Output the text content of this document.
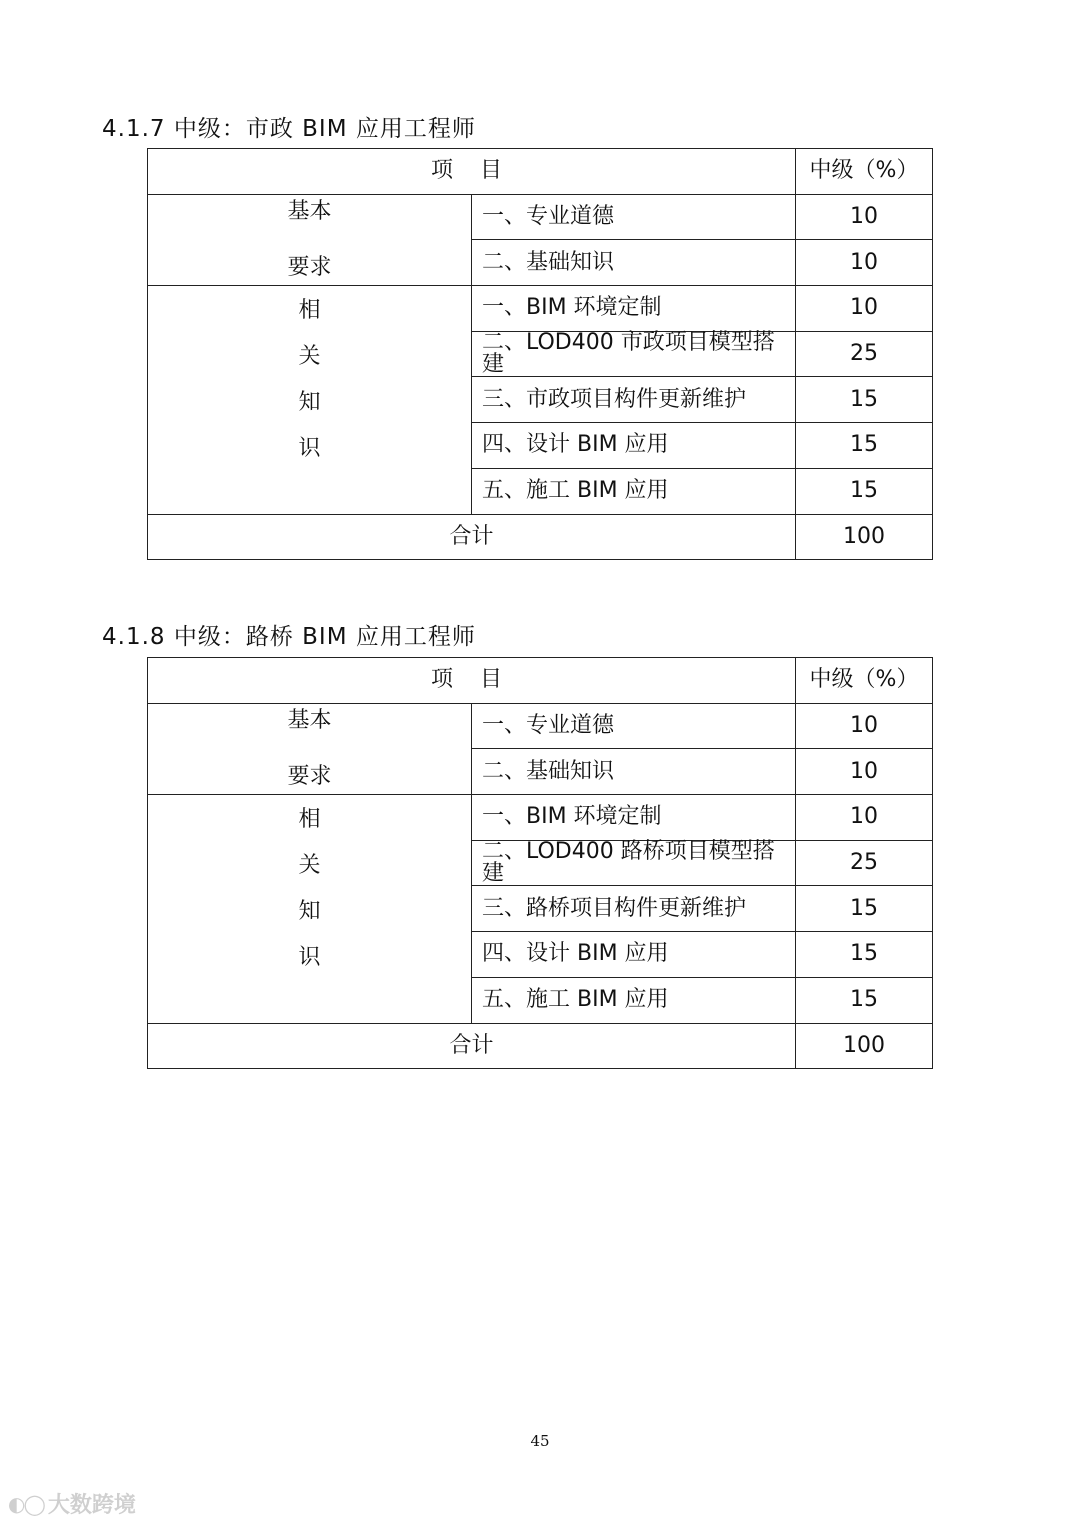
4.1.7 中级：市政 BIM 应用工程师
项 目		中级（%）

基本
要求	一、专业道德	10
	二、基础知识	10

相
关
知
识	一、BIM 环境定制	10
	二、LOD400 市政项目模型搭建	25
	三、市政项目构件更新维护	15
	四、设计 BIM 应用	15
	五、施工 BIM 应用	15
合计		100
4.1.8 中级：路桥 BIM 应用工程师
项 目		中级（%）

基本
要求	一、专业道德	10
	二、基础知识	10

相
关
知
识	一、BIM 环境定制	10
	二、LOD400 路桥项目模型搭建	25
	三、路桥项目构件更新维护	15
	四、设计 BIM 应用	15
	五、施工 BIM 应用	15
合计		100
45
◐◯ 大数跨境
